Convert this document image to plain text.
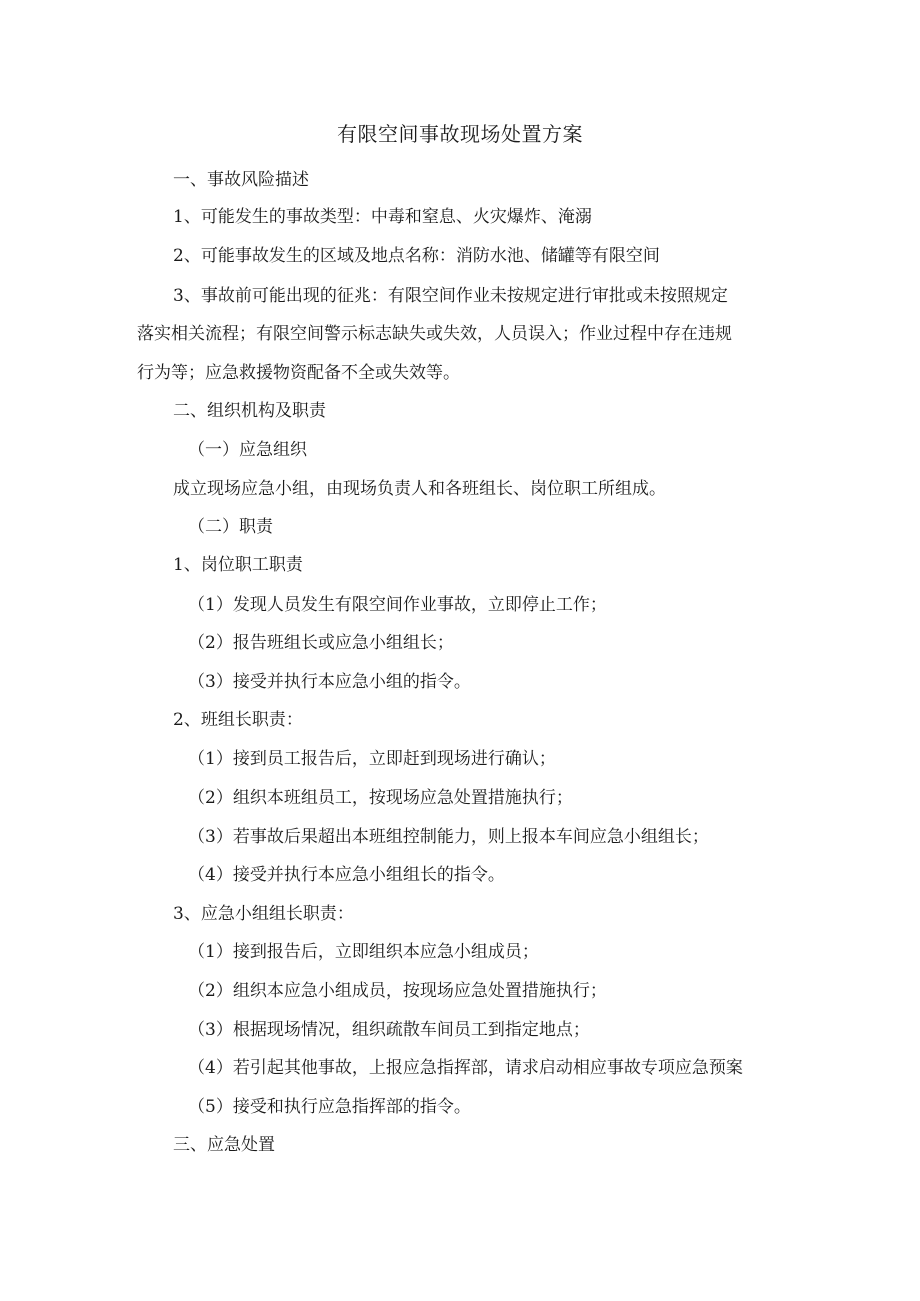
有限空间事故现场处置方案
一、事故风险描述
1、可能发生的事故类型：中毒和窒息、火灾爆炸、淹溺
2、可能事故发生的区域及地点名称：消防水池、储罐等有限空间
3、事故前可能出现的征兆：有限空间作业未按规定进行审批或未按照规定
落实相关流程；有限空间警示标志缺失或失效，人员误入；作业过程中存在违规
行为等；应急救援物资配备不全或失效等。
二、组织机构及职责
（一）应急组织
成立现场应急小组，由现场负责人和各班组长、岗位职工所组成。
（二）职责
1、岗位职工职责
（1）发现人员发生有限空间作业事故，立即停止工作；
（2）报告班组长或应急小组组长；
（3）接受并执行本应急小组的指令。
2、班组长职责：
（1）接到员工报告后，立即赶到现场进行确认；
（2）组织本班组员工，按现场应急处置措施执行；
（3）若事故后果超出本班组控制能力，则上报本车间应急小组组长；
（4）接受并执行本应急小组组长的指令。
3、应急小组组长职责：
（1）接到报告后，立即组织本应急小组成员；
（2）组织本应急小组成员，按现场应急处置措施执行；
（3）根据现场情况，组织疏散车间员工到指定地点；
（4）若引起其他事故，上报应急指挥部，请求启动相应事故专项应急预案
（5）接受和执行应急指挥部的指令。
三、应急处置
